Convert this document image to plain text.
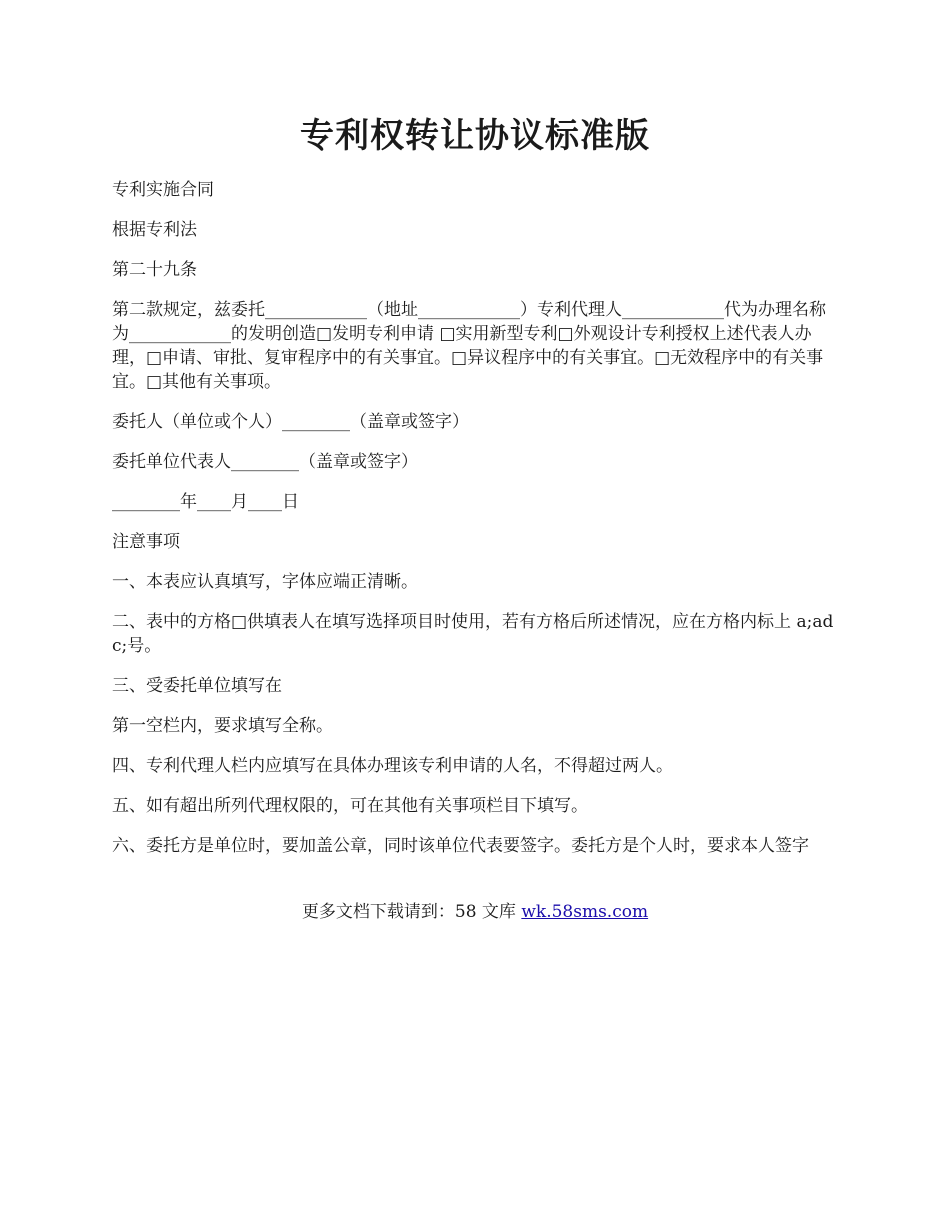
专利权转让协议标准版

专利实施合同

根据专利法

第二十九条

第二款规定，兹委托____________（地址____________）专利代理人____________代为办理名称为____________的发明创造□发明专利申请 □实用新型专利□外观设计专利授权上述代表人办理，□申请、审批、复审程序中的有关事宜。□异议程序中的有关事宜。□无效程序中的有关事宜。□其他有关事项。

委托人（单位或个人）________（盖章或签字）

委托单位代表人________（盖章或签字）

________年____月____日

注意事项

一、本表应认真填写，字体应端正清晰。

二、表中的方格□供填表人在填写选择项目时使用，若有方格后所述情况，应在方格内标上 a;adc;号。

三、受委托单位填写在

第一空栏内，要求填写全称。

四、专利代理人栏内应填写在具体办理该专利申请的人名，不得超过两人。

五、如有超出所列代理权限的，可在其他有关事项栏目下填写。

六、委托方是单位时，要加盖公章，同时该单位代表要签字。委托方是个人时，要求本人签字

更多文档下载请到：58 文库 wk.58sms.com
